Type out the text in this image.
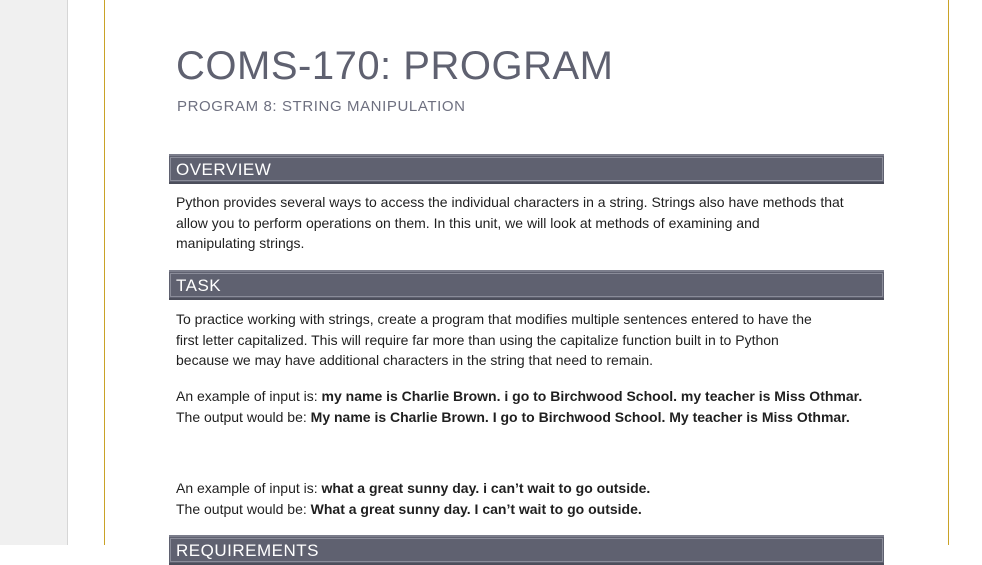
COMS-170: PROGRAM
PROGRAM 8: STRING MANIPULATION
OVERVIEW
Python provides several ways to access the individual characters in a string. Strings also have methods that
allow you to perform operations on them. In this unit, we will look at methods of examining and
manipulating strings.
TASK
To practice working with strings, create a program that modifies multiple sentences entered to have the
first letter capitalized. This will require far more than using the capitalize function built in to Python
because we may have additional characters in the string that need to remain.
An example of input is: my name is Charlie Brown. i go to Birchwood School. my teacher is Miss Othmar.
The output would be: My name is Charlie Brown. I go to Birchwood School. My teacher is Miss Othmar.
An example of input is: what a great sunny day. i can’t wait to go outside.
The output would be: What a great sunny day. I can’t wait to go outside.
REQUIREMENTS
